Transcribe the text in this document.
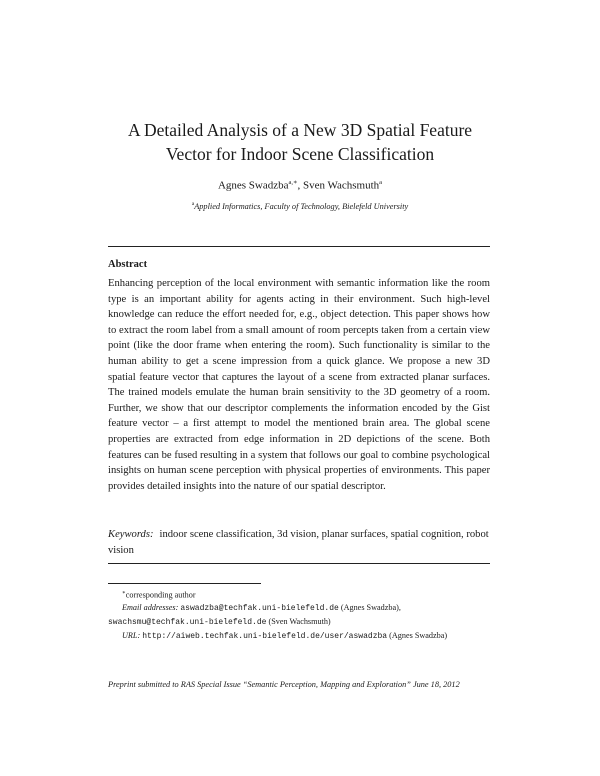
A Detailed Analysis of a New 3D Spatial Feature
Vector for Indoor Scene Classification
Agnes Swadzba$^{a,∗}$, Sven Wachsmuth$^a$
$^a$Applied Informatics, Faculty of Technology, Bielefeld University
Abstract
Enhancing perception of the local environment with semantic information like the room type is an important ability for agents acting in their environment. Such high-level knowledge can reduce the effort needed for, e.g., object detection. This paper shows how to extract the room label from a small amount of room percepts taken from a certain view point (like the door frame when entering the room). Such functionality is similar to the human ability to get a scene impression from a quick glance. We propose a new 3D spatial feature vector that captures the layout of a scene from extracted planar surfaces. The trained models emulate the human brain sensitivity to the 3D geometry of a room. Further, we show that our descriptor complements the information encoded by the Gist feature vector – a first attempt to model the mentioned brain area. The global scene properties are extracted from edge information in 2D depictions of the scene. Both features can be fused resulting in a system that follows our goal to combine psychological insights on human scene perception with physical properties of environments. This paper provides detailed insights into the nature of our spatial descriptor.
Keywords: indoor scene classification, 3d vision, planar surfaces, spatial cognition, robot vision
∗corresponding author
Email addresses: aswadzba@techfak.uni-bielefeld.de (Agnes Swadzba),
swachsmu@techfak.uni-bielefeld.de (Sven Wachsmuth)
URL: http://aiweb.techfak.uni-bielefeld.de/user/aswadzba (Agnes Swadzba)
Preprint submitted to RAS Special Issue “Semantic Perception, Mapping and Exploration” June 18, 2012
